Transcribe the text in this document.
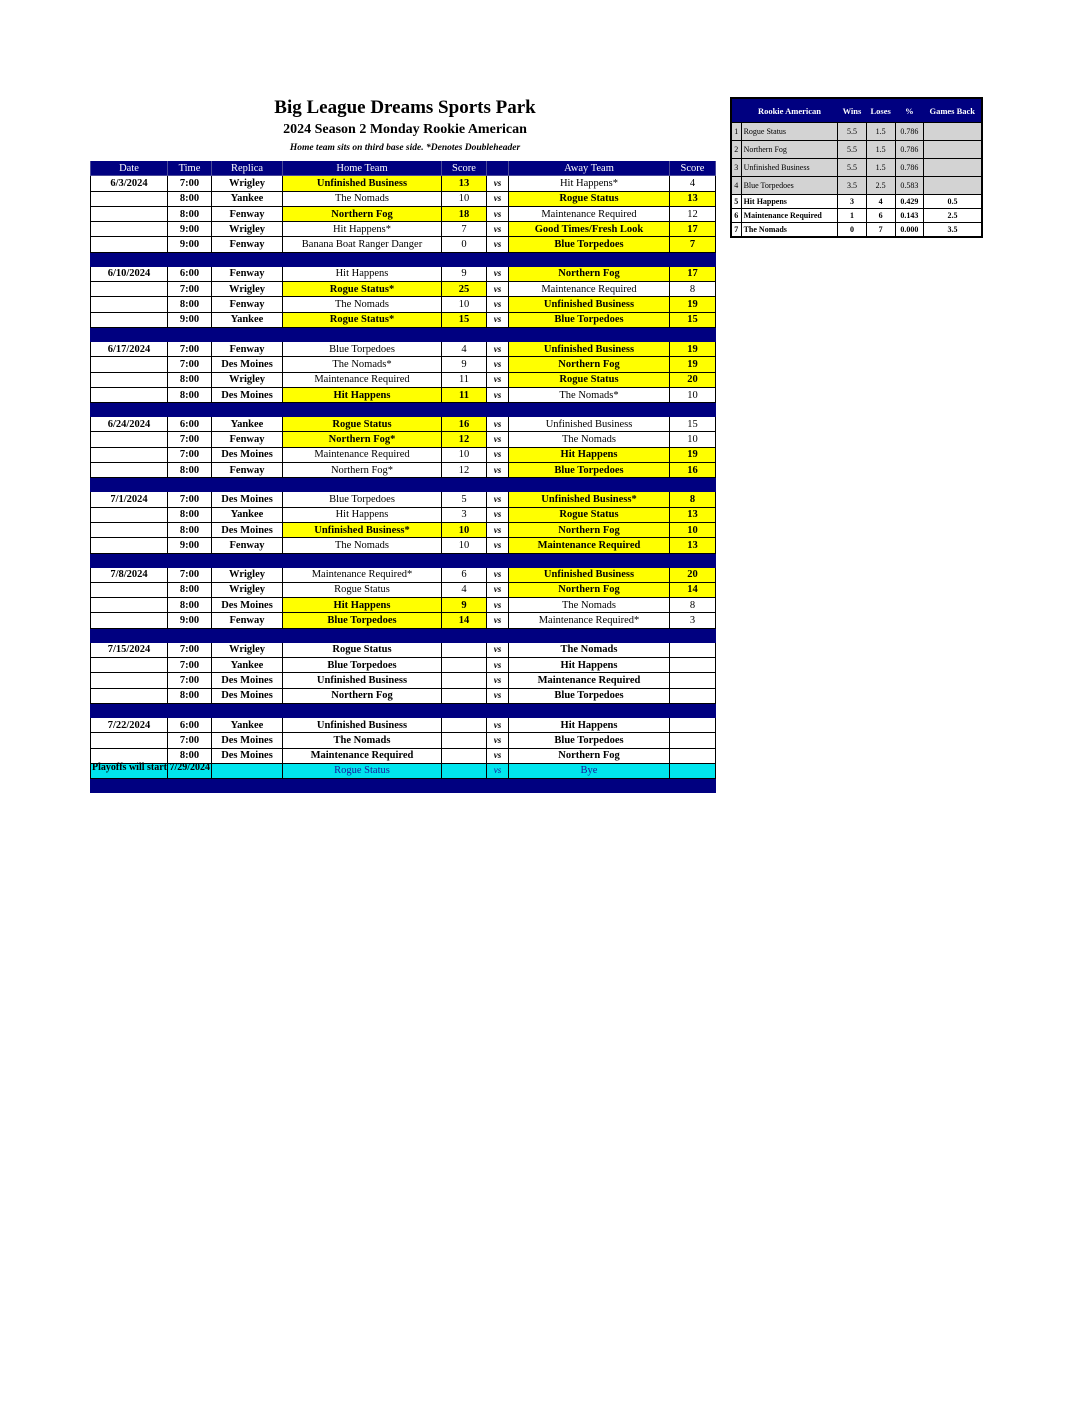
Big League Dreams Sports Park
2024 Season 2 Monday Rookie American
Home team sits on third base side. *Denotes Doubleheader
Date	Time	Replica	Home Team	Score		Away Team	Score
6/3/2024	7:00	Wrigley	Unfinished Business	13	vs	Hit Happens*	4
	8:00	Yankee	The Nomads	10	vs	Rogue Status	13
	8:00	Fenway	Northern Fog	18	vs	Maintenance Required	12
	9:00	Wrigley	Hit Happens*	7	vs	Good Times/Fresh Look	17
	9:00	Fenway	Banana Boat Ranger Danger	0	vs	Blue Torpedoes	7

6/10/2024	6:00	Fenway	Hit Happens	9	vs	Northern Fog	17
	7:00	Wrigley	Rogue Status*	25	vs	Maintenance Required	8
	8:00	Fenway	The Nomads	10	vs	Unfinished Business	19
	9:00	Yankee	Rogue Status*	15	vs	Blue Torpedoes	15

6/17/2024	7:00	Fenway	Blue Torpedoes	4	vs	Unfinished Business	19
	7:00	Des Moines	The Nomads*	9	vs	Northern Fog	19
	8:00	Wrigley	Maintenance Required	11	vs	Rogue Status	20
	8:00	Des Moines	Hit Happens	11	vs	The Nomads*	10

6/24/2024	6:00	Yankee	Rogue Status	16	vs	Unfinished Business	15
	7:00	Fenway	Northern Fog*	12	vs	The Nomads	10
	7:00	Des Moines	Maintenance Required	10	vs	Hit Happens	19
	8:00	Fenway	Northern Fog*	12	vs	Blue Torpedoes	16

7/1/2024	7:00	Des Moines	Blue Torpedoes	5	vs	Unfinished Business*	8
	8:00	Yankee	Hit Happens	3	vs	Rogue Status	13
	8:00	Des Moines	Unfinished Business*	10	vs	Northern Fog	10
	9:00	Fenway	The Nomads	10	vs	Maintenance Required	13

7/8/2024	7:00	Wrigley	Maintenance Required*	6	vs	Unfinished Business	20
	8:00	Wrigley	Rogue Status	4	vs	Northern Fog	14
	8:00	Des Moines	Hit Happens	9	vs	The Nomads	8
	9:00	Fenway	Blue Torpedoes	14	vs	Maintenance Required*	3

7/15/2024	7:00	Wrigley	Rogue Status		vs	The Nomads	
	7:00	Yankee	Blue Torpedoes		vs	Hit Happens	
	7:00	Des Moines	Unfinished Business		vs	Maintenance Required	
	8:00	Des Moines	Northern Fog		vs	Blue Torpedoes	

7/22/2024	6:00	Yankee	Unfinished Business		vs	Hit Happens	
	7:00	Des Moines	The Nomads		vs	Blue Torpedoes	
	8:00	Des Moines	Maintenance Required		vs	Northern Fog	
			Rogue Status		vs	Bye	

Playoffs will start 7/29/2024
	Rookie American	Wins	Loses	%	Games Back
1	Rogue Status	5.5	1.5	0.786	
2	Northern Fog	5.5	1.5	0.786	
3	Unfinished Business	5.5	1.5	0.786	
4	Blue Torpedoes	3.5	2.5	0.583	
5	Hit Happens	3	4	0.429	0.5
6	Maintenance Required	1	6	0.143	2.5
7	The Nomads	0	7	0.000	3.5
